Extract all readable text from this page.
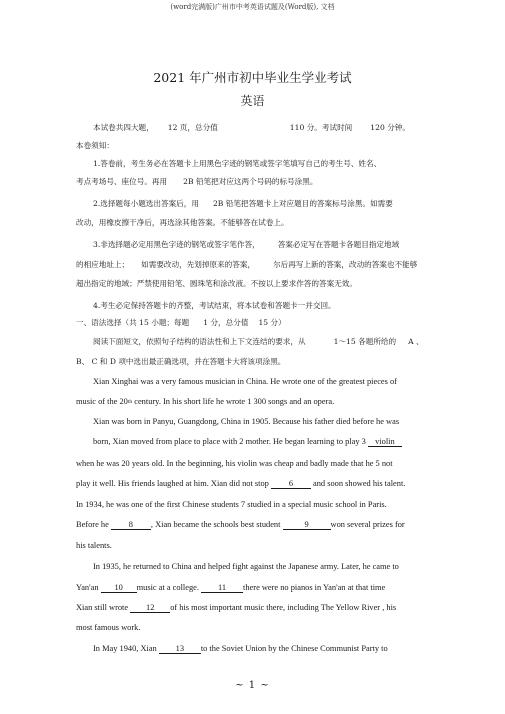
(word完满版)广州市中考英语试题及(Word版), 文档
2021 年广州市初中毕业生学业考试
英语
本试卷共四大题， 12 页，总分值	110 分。考试时间 120 分钟。
本卷须知：
1.答卷前，考生务必在答题卡上用黑色字迹的钢笔或签字笔填写自己的考生号、姓名、
考点考场号、座位号。再用 2B 铅笔把对应这两个号码的标号涂黑。
2.选择题每小题选出答案后，用 2B 铅笔把答题卡上对应题目的答案标号涂黑。如需要
改动，用橡皮擦干净后，再选涂其他答案。不能够答在试卷上。
3.非选择题必定用黑色字迹的钢笔或签字笔作答， 答案必定写在答题卡各题目指定地域
的相应地址上； 如需要改动，先划掉原来的答案， 尔后再写上新的答案，改动的答案也不能够
超出指定的地域；严禁使用铅笔、圆珠笔和涂改液。不按以上要求作答的答案无效。
4.考生必定保持答题卡的齐整，考试结束，将本试卷和答题卡一并交回。
一、语法选择（共 15 小题；每题 1 分，总分值 15 分）
阅读下面短文，依照句子结构的语法性和上下文连结的要求，从	1～15 各题所给的 A 、
B、 C 和 D 项中选出最正确选项，并在答题卡大将该项涂黑。
Xian Xinghai was a very famous musician in China. He wrote one of the greatest pieces of
music of the 20th century. In his short life he wrote 1 300 songs and an opera.
Xian was born in Panyu, Guangdong, China in 1905. Because his father died before he was
born, Xian moved from place to place with 2 mother. He began learning to play 3 violin
when he was 20 years old. In the beginning, his violin was cheap and badly made that he 5 not
play it well. His friends laughed at him. Xian did not stop 6 and soon showed his talent.
In 1934, he was one of the first Chinese students 7 studied in a special music school in Paris.
Before he 8 , Xian became the schools best student	9	won several prizes for
his talents.
In 1935, he returned to China and helped fight against the Japanese army. Later, he came to
Yan'an 10 music at a college. 11 there were no pianos in Yan'an at that time
Xian still wrote 12 of his most important music there, including The Yellow River , his
most famous work.
In May 1940, Xian 13 to the Soviet Union by the Chinese Communist Party to
~ 1 ~
